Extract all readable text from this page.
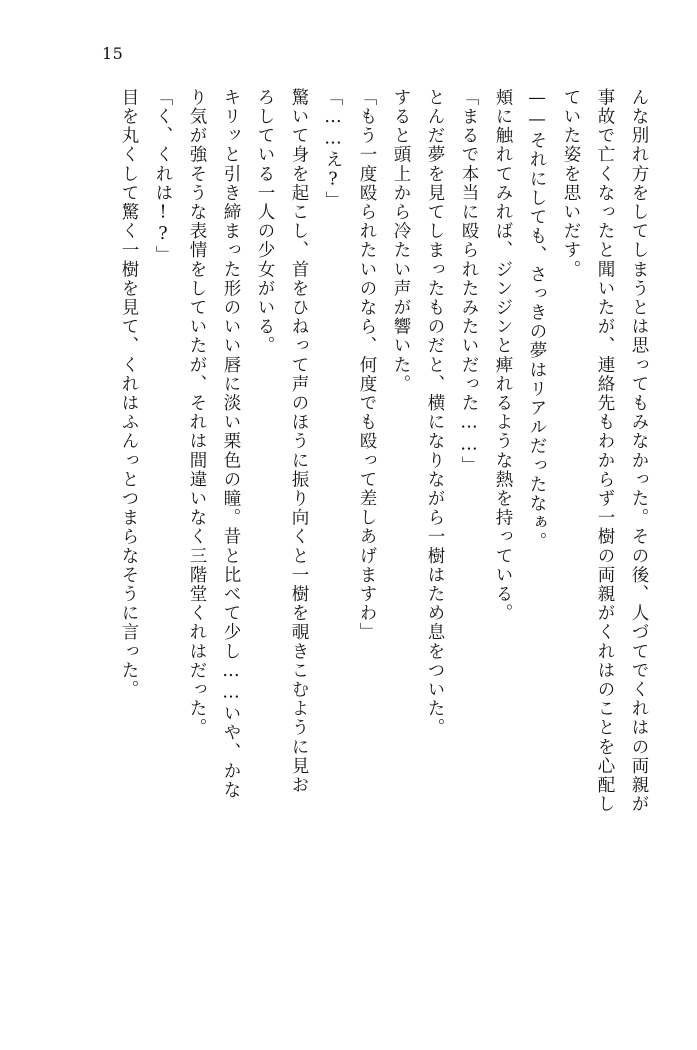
15
んな別れ方をしてしまうとは思ってもみなかった。その後、人づてでくれはの両親が
事故で亡くなったと聞いたが、連絡先もわからず一樹の両親がくれはのことを心配し
ていた姿を思いだす。
——それにしても、さっきの夢はリアルだったなぁ。
頬に触れてみれば、ジンジンと痺れるような熱を持っている。
「まるで本当に殴られたみたいだった……」
とんだ夢を見てしまったものだと、横になりながら一樹はため息をついた。
すると頭上から冷たい声が響いた。
「もう一度殴られたいのなら、何度でも殴って差しあげますわ」
「……え?」
驚いて身を起こし、首をひねって声のほうに振り向くと一樹を覗きこむように見お
ろしている一人の少女がいる。
キリッと引き締まった形のいい唇に淡い栗色の瞳。昔と比べて少し……いや、かな
り気が強そうな表情をしていたが、それは間違いなく三階堂くれはだった。
「く、くれは!?」
目を丸くして驚く一樹を見て、くれはふんっとつまらなそうに言った。
